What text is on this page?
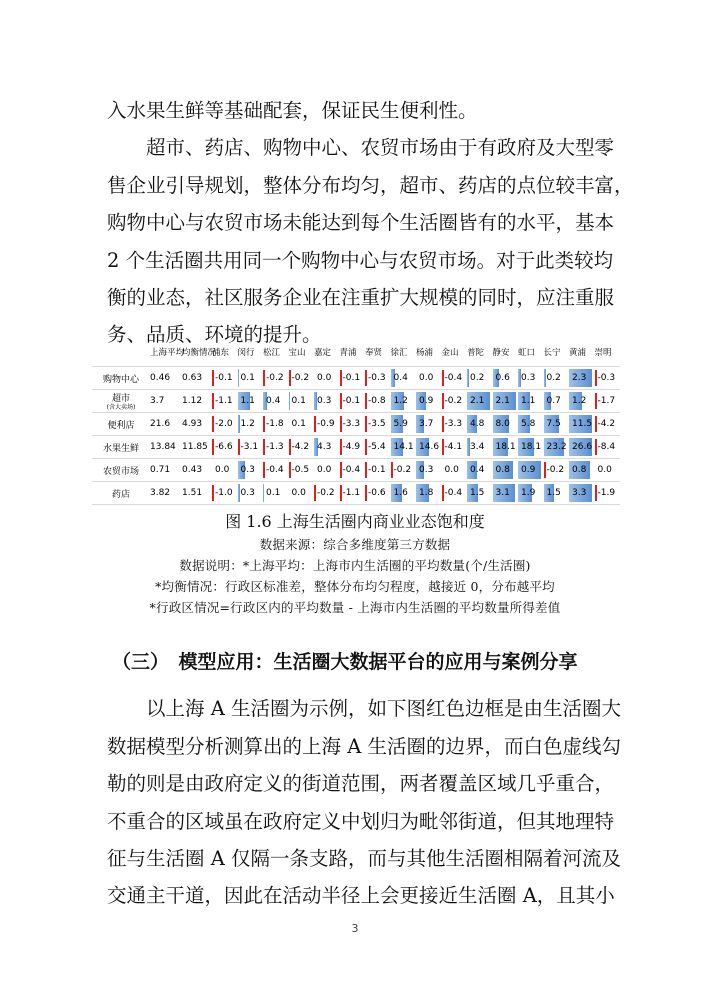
入水果生鲜等基础配套，保证民生便利性。

　　超市、药店、购物中心、农贸市场由于有政府及大型零

售企业引导规划，整体分布均匀，超市、药店的点位较丰富，

购物中心与农贸市场未能达到每个生活圈皆有的水平，基本

2 个生活圈共用同一个购物中心与农贸市场。对于此类较均

衡的业态，社区服务企业在注重扩大规模的同时，应注重服

务、品质、环境的提升。

	上海平均	均衡情况	浦东	闵行	松江	宝山	嘉定	青浦	奉贤	徐汇	杨浦	金山	普陀	静安	虹口	长宁	黄浦	崇明
购物中心	0.46	0.63	-0.1	0.1	-0.2	-0.2	0.0	-0.1	-0.3	0.4	0.0	-0.4	0.2	0.6	0.3	0.2	2.3	-0.3
超市
(含大卖场)	3.7	1.12	-1.1	1.1	0.4	0.1	0.3	-0.1	-0.8	1.2	0.9	-0.2	2.1	2.1	1.1	0.7	1.2	-1.7
便利店	21.6	4.93	-2.0	1.2	-1.8	0.1	-0.9	-3.3	-3.5	5.9	3.7	-3.3	4.8	8.0	5.8	7.5	11.5	-4.2
水果生鲜	13.84	11.85	-6.6	-3.1	-1.3	-4.2	4.3	-4.9	-5.4	14.1	14.6	-4.1	3.4	18.1	18.1	23.2	26.6	-8.4
农贸市场	0.71	0.43	0.0	0.3	-0.4	-0.5	0.0	-0.4	-0.1	-0.2	0.3	0.0	0.4	0.8	0.9	-0.2	0.8	0.0
药店	3.82	1.51	-1.0	0.3	0.1	0.0	-0.2	-1.1	-0.6	1.6	1.8	-0.4	1.5	3.1	1.9	1.5	3.3	-1.9

图 1.6 上海生活圈内商业业态饱和度

数据来源：综合多维度第三方数据

数据说明：*上海平均：上海市内生活圈的平均数量(个/生活圈)

*均衡情况：行政区标准差，整体分布均匀程度，越接近 0，分布越平均

*行政区情况=行政区内的平均数量 - 上海市内生活圈的平均数量所得差值

（三）　模型应用：生活圈大数据平台的应用与案例分享

　　以上海 A 生活圈为示例，如下图红色边框是由生活圈大

数据模型分析测算出的上海 A 生活圈的边界，而白色虚线勾

勒的则是由政府定义的街道范围，两者覆盖区域几乎重合，

不重合的区域虽在政府定义中划归为毗邻街道，但其地理特

征与生活圈 A 仅隔一条支路，而与其他生活圈相隔着河流及

交通主干道，因此在活动半径上会更接近生活圈 A，且其小

3
